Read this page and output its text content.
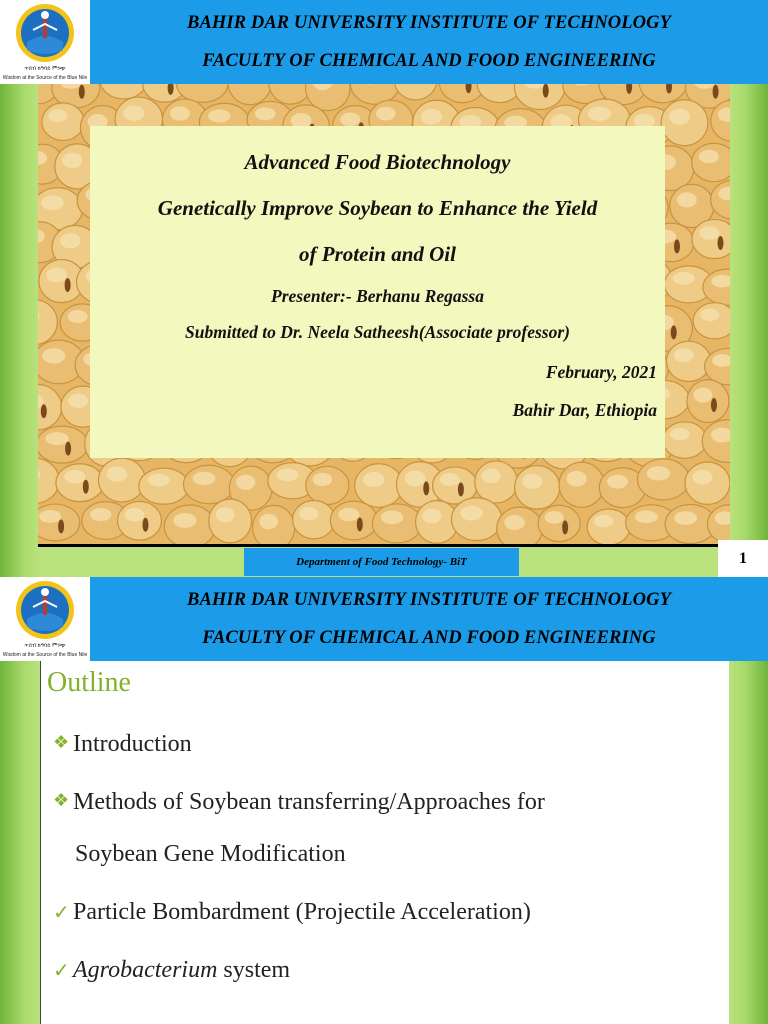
ጥበብ ከዓባይ ምንጭ
Wisdom at the Source of the Blue Nile
BAHIR DAR UNIVERSITY INSTITUTE OF TECHNOLOGY
FACULTY OF CHEMICAL AND FOOD ENGINEERING
Advanced Food Biotechnology
Genetically Improve Soybean to Enhance the Yield
of Protein and Oil
Presenter:- Berhanu Regassa
Submitted to Dr. Neela Satheesh(Associate professor)
February, 2021
Bahir Dar, Ethiopia
Department of Food Technology- BiT	1
ጥበብ ከዓባይ ምንጭ
Wisdom at the Source of the Blue Nile
BAHIR DAR UNIVERSITY INSTITUTE OF TECHNOLOGY
FACULTY OF CHEMICAL AND FOOD ENGINEERING
Outline
❖ Introduction
❖ Methods of Soybean transferring/Approaches for
Soybean Gene Modification
✓ Particle Bombardment (Projectile Acceleration)
✓ Agrobacterium system
